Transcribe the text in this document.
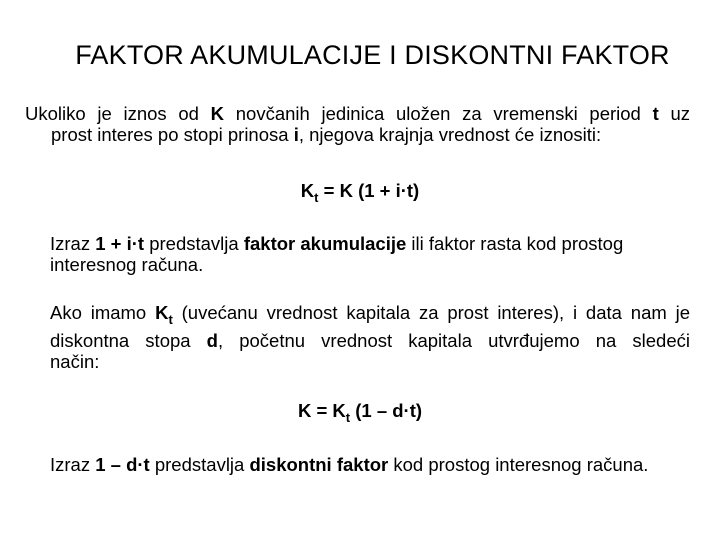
FAKTOR AKUMULACIJE I DISKONTNI FAKTOR
Ukoliko je iznos od K novčanih jedinica uložen za vremenski period t uz
prost interes po stopi prinosa i, njegova krajnja vrednost će iznositi:
$K_t = K$ (1 + i·t)
Izraz 1 + i·t predstavlja faktor akumulacije ili faktor rasta kod prostog
interesnog računa.
Ako imamo $K_t$ (uvećanu vrednost kapitala za prost interes), i data nam je
diskontna stopa d, početnu vrednost kapitala utvrđujemo na sledeći
način:
$K = K_t$ (1 – d·t)
Izraz 1 – d·t predstavlja diskontni faktor kod prostog interesnog računa.
